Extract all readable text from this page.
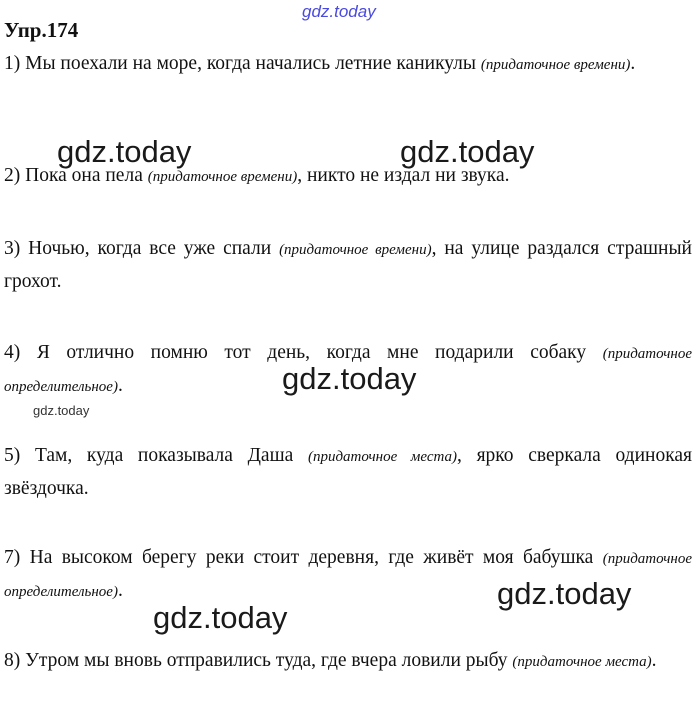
gdz.today
Упр.174

1) Мы поехали на море, когда начались летние каникулы (придаточное времени).

gdz.today	gdz.today

2) Пока она пела (придаточное времени), никто не издал ни звука.

3) Ночью, когда все уже спали (придаточное времени), на улице раздался страшный грохот.

4) Я отлично помню тот день, когда мне подарили собаку (придаточное определительное).	gdz.today
gdz.today

5) Там, куда показывала Даша (придаточное места), ярко сверкала одинокая звёздочка.

7) На высоком берегу реки стоит деревня, где живёт моя бабушка (придаточное определительное).	gdz.today
gdz.today

8) Утром мы вновь отправились туда, где вчера ловили рыбу (придаточное места).
